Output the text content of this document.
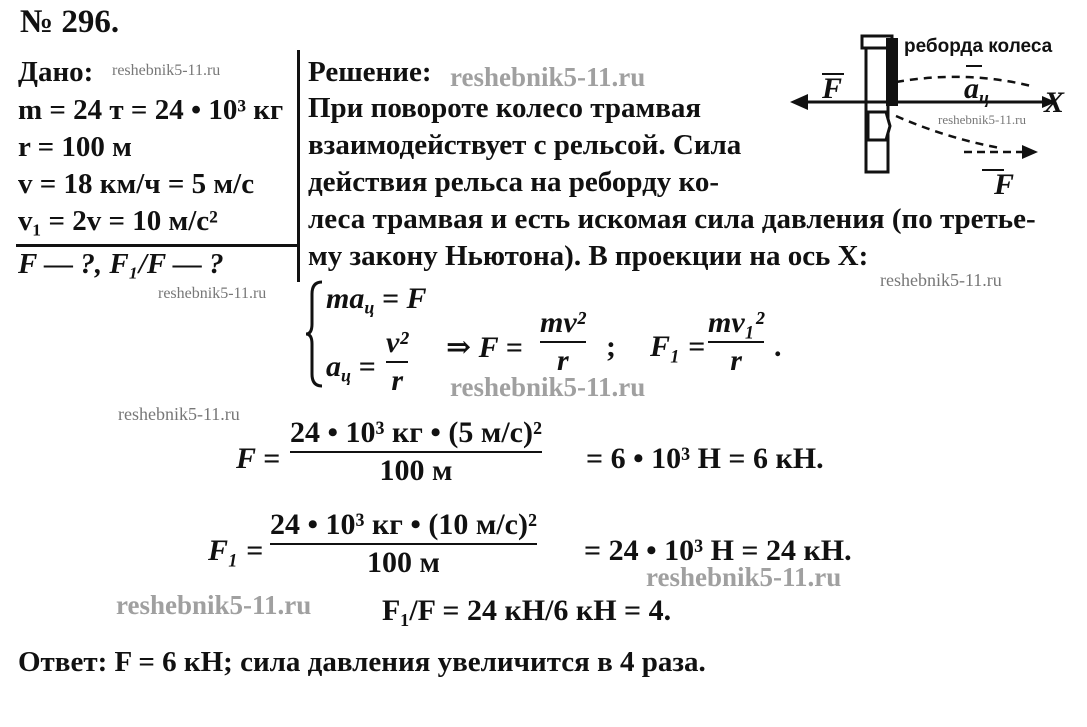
№ 296.
Дано: reshebnik5-11.ru
m = 24 т = 24 • 10³ кг
r = 100 м
v = 18 км/ч = 5 м/с
v₁ = 2v = 10 м/с²
F — ?, F₁/F — ?
reshebnik5-11.ru
Решение: reshebnik5-11.ru
При повороте колесо трамвая
взаимодействует с рельсой. Сила
действия рельса на реборду ко-
леса трамвая и есть искомая сила давления (по третье-
му закону Ньютона). В проекции на ось X:
reshebnik5-11.ru
$ma_ц = F$
$a_ц$ =
v²
r
⇒ F =
mv²
r ; F₁ =
mv₁²
r .
reshebnik5-11.ru
reshebnik5-11.ru
F =
24 • 10³ кг • (5 м/с)²
100 м	= 6 • 10³ Н = 6 кН.
F₁ =
24 • 10³ кг • (10 м/с)²
100 м	= 24 • 10³ Н = 24 кН.
reshebnik5-11.ru
reshebnik5-11.ru F₁/F = 24 кН/6 кН = 4.
Ответ: F = 6 кН; сила давления увеличится в 4 раза.
реборда колеса
F	$a_ц$ X
reshebnik5-11.ru
F
